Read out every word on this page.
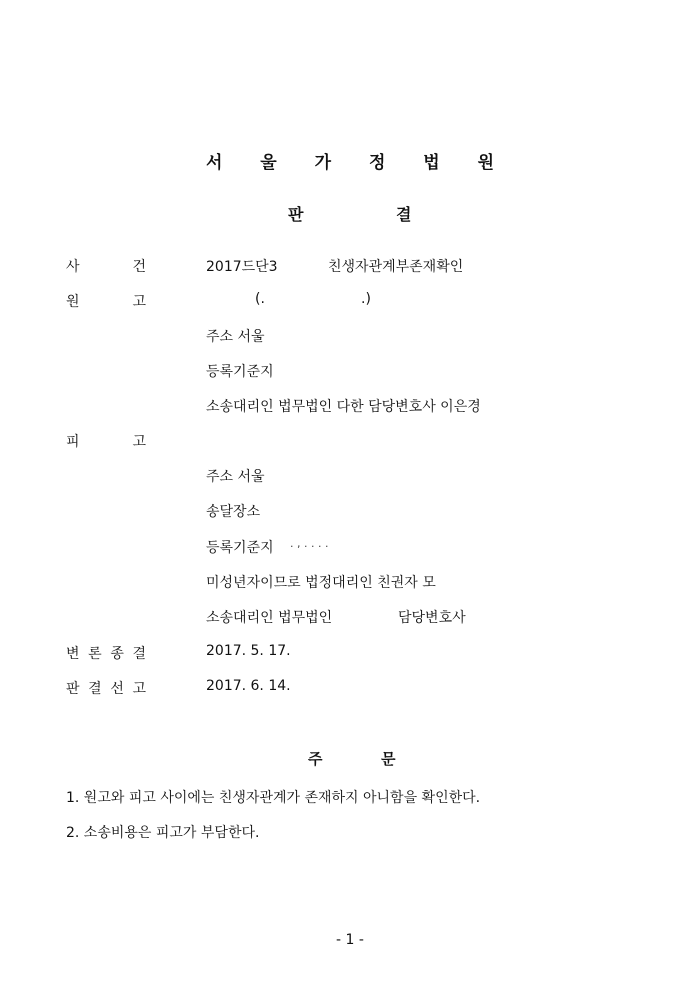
서 울 가 정 법 원
판	결

사	건	2017드단3	친생자관계부존재확인
원	고	(.	.)
주소 서울
등록기준지
소송대리인 법무법인 다한 담당변호사 이은경
피	고
주소 서울
송달장소
등록기준지 . , . . . .
미성년자이므로 법정대리인 친권자 모
소송대리인 법무법인	담당변호사
변 론 종 결	2017. 5. 17.
판 결 선 고	2017. 6. 14.
주	문
1. 원고와 피고 사이에는 친생자관계가 존재하지 아니함을 확인한다.
2. 소송비용은 피고가 부담한다.
- 1 -
